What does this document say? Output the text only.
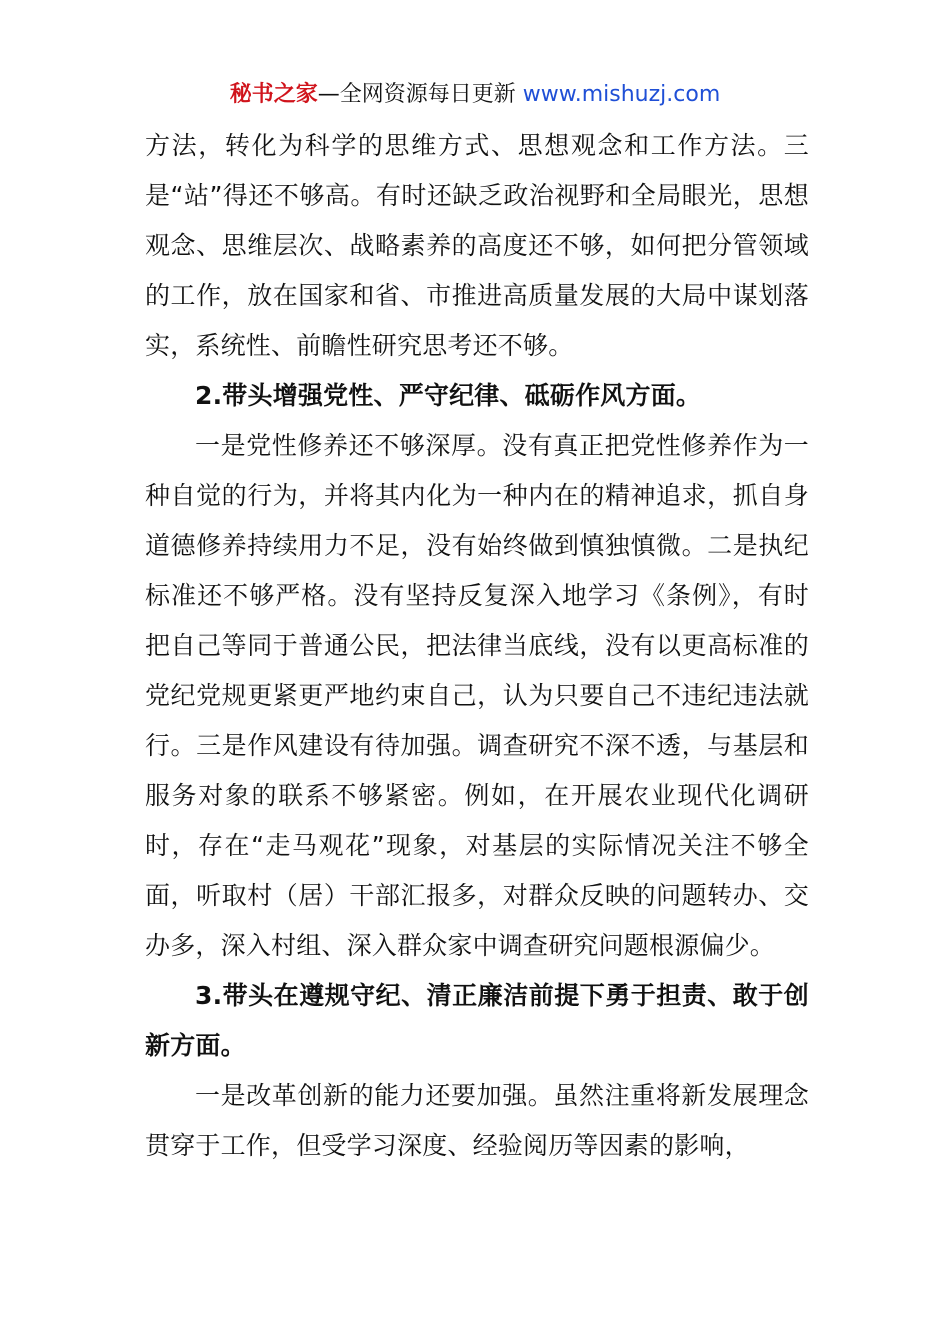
秘书之家—全网资源每日更新 www.mishuzj.com

方法，转化为科学的思维方式、思想观念和工作方法。三是“站”得还不够高。有时还缺乏政治视野和全局眼光，思想观念、思维层次、战略素养的高度还不够，如何把分管领域的工作，放在国家和省、市推进高质量发展的大局中谋划落实，系统性、前瞻性研究思考还不够。

2.带头增强党性、严守纪律、砥砺作风方面。

一是党性修养还不够深厚。没有真正把党性修养作为一种自觉的行为，并将其内化为一种内在的精神追求，抓自身道德修养持续用力不足，没有始终做到慎独慎微。二是执纪标准还不够严格。没有坚持反复深入地学习《条例》，有时把自己等同于普通公民，把法律当底线，没有以更高标准的党纪党规更紧更严地约束自己，认为只要自己不违纪违法就行。三是作风建设有待加强。调查研究不深不透，与基层和服务对象的联系不够紧密。例如，在开展农业现代化调研时，存在“走马观花”现象，对基层的实际情况关注不够全面，听取村（居）干部汇报多，对群众反映的问题转办、交办多，深入村组、深入群众家中调查研究问题根源偏少。

3.带头在遵规守纪、清正廉洁前提下勇于担责、敢于创新方面。

一是改革创新的能力还要加强。虽然注重将新发展理念贯穿于工作，但受学习深度、经验阅历等因素的影响，
